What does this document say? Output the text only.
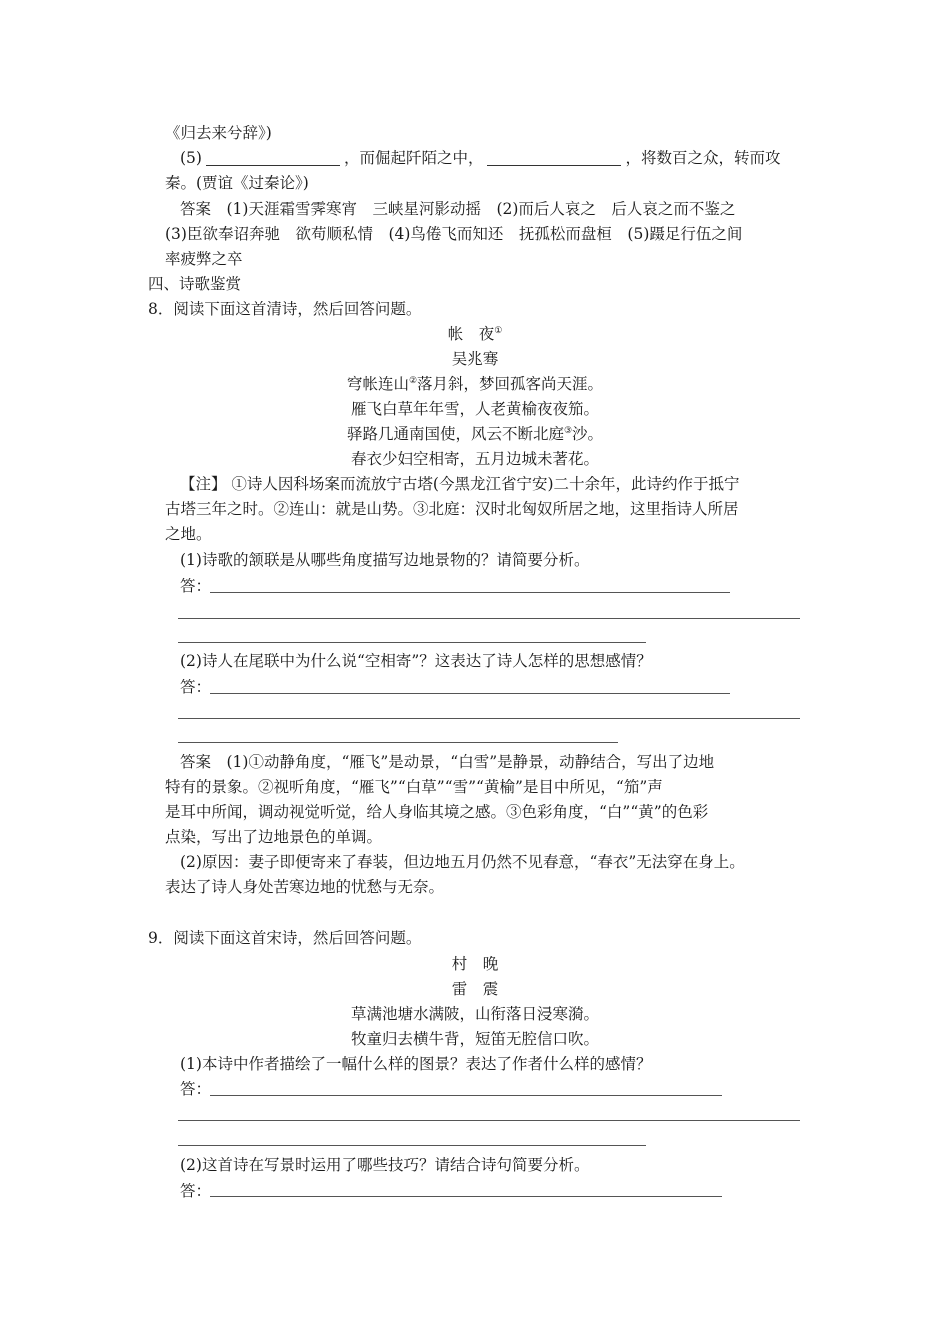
《归去来兮辞》)
(5)	，而倔起阡陌之中，	，将数百之众，转而攻
秦。(贾谊《过秦论》)
答案　(1)天涯霜雪霁寒宵　三峡星河影动摇　(2)而后人哀之　后人哀之而不鉴之
(3)臣欲奉诏奔驰　欲苟顺私情　(4)鸟倦飞而知还　抚孤松而盘桓　(5)蹑足行伍之间
率疲弊之卒
四、诗歌鉴赏
8．阅读下面这首清诗，然后回答问题。
帐　夜①
吴兆骞
穹帐连山②落月斜，梦回孤客尚天涯。
雁飞白草年年雪，人老黄榆夜夜笳。
驿路几通南国使，风云不断北庭③沙。
春衣少妇空相寄，五月边城未著花。
【注】 ①诗人因科场案而流放宁古塔(今黑龙江省宁安)二十余年，此诗约作于抵宁
古塔三年之时。②连山：就是山势。③北庭：汉时北匈奴所居之地，这里指诗人所居
之地。
(1)诗歌的颔联是从哪些角度描写边地景物的？请简要分析。
答：
(2)诗人在尾联中为什么说“空相寄”？这表达了诗人怎样的思想感情？
答：
答案　(1)①动静角度，“雁飞”是动景，“白雪”是静景，动静结合，写出了边地
特有的景象。②视听角度，“雁飞”“白草”“雪”“黄榆”是目中所见，“笳”声
是耳中所闻，调动视觉听觉，给人身临其境之感。③色彩角度，“白”“黄”的色彩
点染，写出了边地景色的单调。
(2)原因：妻子即便寄来了春装，但边地五月仍然不见春意，“春衣”无法穿在身上。
表达了诗人身处苦寒边地的忧愁与无奈。
9．阅读下面这首宋诗，然后回答问题。
村　晚
雷　震
草满池塘水满陂，山衔落日浸寒漪。
牧童归去横牛背，短笛无腔信口吹。
(1)本诗中作者描绘了一幅什么样的图景？表达了作者什么样的感情？
答：
(2)这首诗在写景时运用了哪些技巧？请结合诗句简要分析。
答：
